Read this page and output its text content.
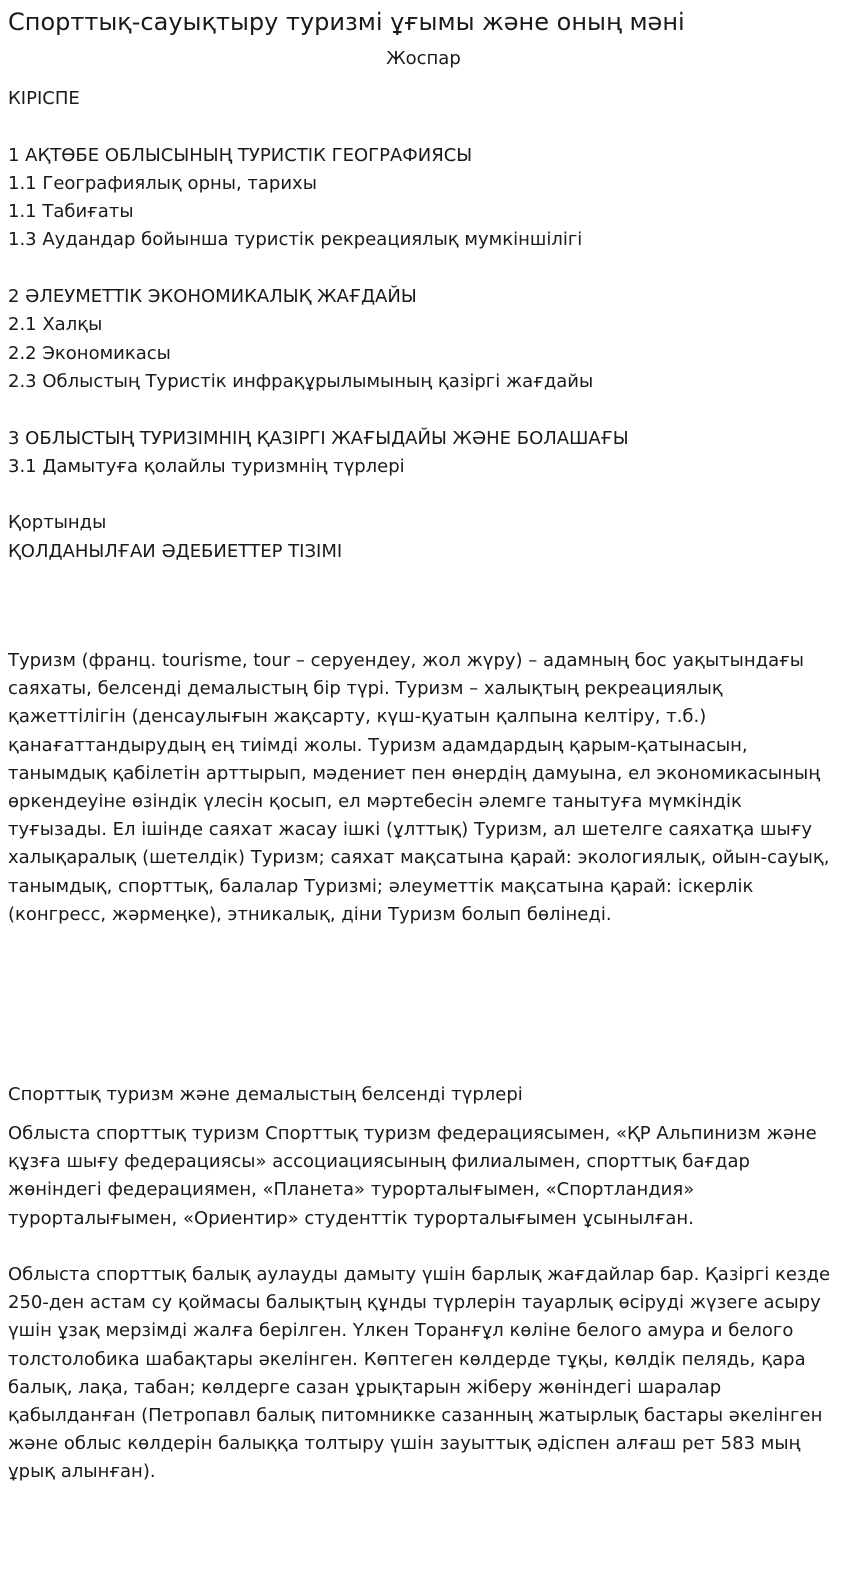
Спорттық-сауықтыру туризмі ұғымы және оның мәні
Жоспар
КІРІСПЕ
1 АҚТӨБЕ ОБЛЫСЫНЫҢ ТУРИСТІК ГЕОГРАФИЯСЫ
1.1 Географиялық орны, тарихы
1.1 Табиғаты
1.3 Аудандар бойынша туристік рекреациялық мумкіншілігі
2 ӘЛЕУМЕТТІК ЭКОНОМИКАЛЫҚ ЖАҒДАЙЫ
2.1 Халқы
2.2 Экономикасы
2.3 Облыстың Туристік инфрақұрылымының қазіргі жағдайы
3 ОБЛЫСТЫҢ ТУРИЗІМНІҢ ҚАЗІРГІ ЖАҒЫДАЙЫ ЖӘНЕ БОЛАШАҒЫ
3.1 Дамытуға қолайлы туризмнің түрлері
Қортынды
ҚОЛДАНЫЛҒАИ ӘДЕБИЕТТЕР ТІЗІМІ

Туризм (франц. tourisme, tour – серуендеу, жол жүру) – адамның бос уақытындағы саяхаты, белсенді демалыстың бір түрі. Туризм – халықтың рекреациялық қажеттілігін (денсаулығын жақсарту, күш-қуатын қалпына келтіру, т.б.) қанағаттандырудың ең тиімді жолы. Туризм адамдардың қарым-қатынасын, танымдық қабілетін арттырып, мәдениет пен өнердің дамуына, ел экономикасының өркендеуіне өзіндік үлесін қосып, ел мәртебесін әлемге танытуға мүмкіндік туғызады. Ел ішінде саяхат жасау ішкі (ұлттық) Туризм, ал шетелге саяхатқа шығу халықаралық (шетелдік) Туризм; саяхат мақсатына қарай: экологиялық, ойын-сауық, танымдық, спорттық, балалар Туризмі; әлеуметтік мақсатына қарай: іскерлік (конгресс, жәрмеңке), этникалық, діни Туризм болып бөлінеді.

Спорттық туризм және демалыстың белсенді түрлері

Облыста спорттық туризм Спорттық туризм федерациясымен, «ҚР Альпинизм және құзға шығу федерациясы» ассоциациясының филиалымен, спорттық бағдар жөніндегі федерациямен, «Планета» турорталығымен, «Спортландия» турорталығымен, «Ориентир» студенттік турорталығымен ұсынылған.

Облыста спорттық балық аулауды дамыту үшін барлық жағдайлар бар. Қазіргі кезде 250-ден астам су қоймасы балықтың құнды түрлерін тауарлық өсіруді жүзеге асыру үшін ұзақ мерзімді жалға берілген. Үлкен Торанғұл көліне белого амура и белого толстолобика шабақтары әкелінген. Көптеген көлдерде тұқы, көлдік пелядь, қара балық, лақа, табан; көлдерге сазан ұрықтарын жіберу жөніндегі шаралар қабылданған (Петропавл балық питомникке сазанның жатырлық бастары әкелінген және облыс көлдерін балыққа толтыру үшін зауыттық әдіспен алғаш рет 583 мың ұрық алынған).
